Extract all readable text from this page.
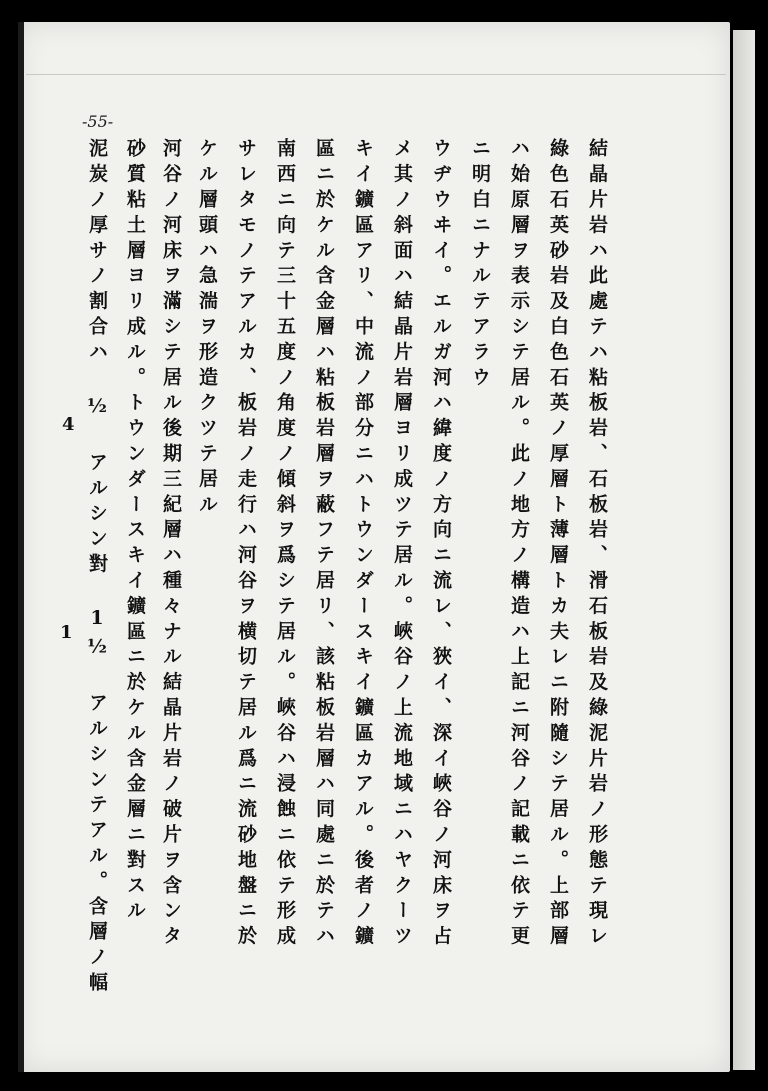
-55-
結晶片岩ハ此處テハ粘板岩、石板岩、滑石板岩及綠泥片岩ノ形態テ現レ
綠色石英砂岩及白色石英ノ厚層ト薄層トカ夫レニ附隨シテ居ル。上部層
ハ始原層ヲ表示シテ居ル。此ノ地方ノ構造ハ上記ニ河谷ノ記載ニ依テ更
ニ明白ニナルテアラウ
ウヂウヰイ。エルガ河ハ緯度ノ方向ニ流レ、狹イ、深イ峽谷ノ河床ヲ占
メ其ノ斜面ハ結晶片岩層ヨリ成ツテ居ル。峽谷ノ上流地域ニハヤクーツ
キイ鑛區アリ、中流ノ部分ニハトウンダースキイ鑛區カアル。後者ノ鑛
區ニ於ケル含金層ハ粘板岩層ヲ蔽フテ居リ、該粘板岩層ハ同處ニ於テハ
南西ニ向テ三十五度ノ角度ノ傾斜ヲ爲シテ居ル。峽谷ハ浸蝕ニ依テ形成
サレタモノテアルカ、板岩ノ走行ハ河谷ヲ横切テ居ル爲ニ流砂地盤ニ於
ケル層頭ハ急湍ヲ形造クツテ居ル
河谷ノ河床ヲ滿シテ居ル後期三紀層ハ種々ナル結晶片岩ノ破片ヲ含ンタ
砂質粘土層ヨリ成ル。トウンダースキイ鑛區ニ於ケル含金層ニ對スル
泥炭ノ厚サノ割合ハ ½ アルシン對 1½ アルシンテアル。含層ノ幅
4
1
